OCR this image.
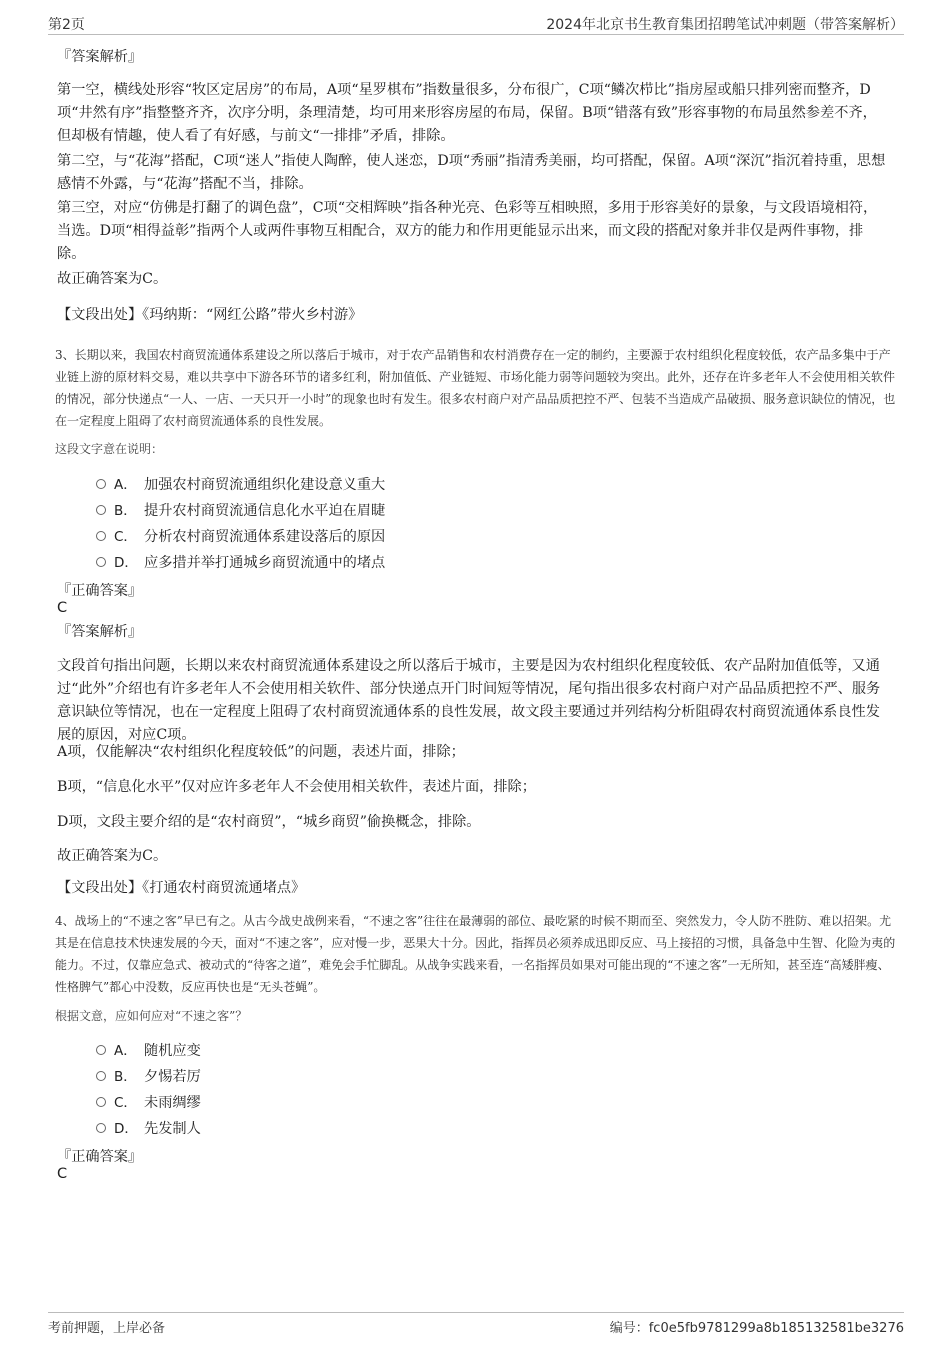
第2页	2024年北京书生教育集团招聘笔试冲刺题（带答案解析）
『答案解析』
第一空，横线处形容“牧区定居房”的布局，A项“星罗棋布”指数量很多，分布很广，C项“鳞次栉比”指房屋或船只排列密而整齐，D项“井然有序”指整整齐齐，次序分明，条理清楚，均可用来形容房屋的布局，保留。B项“错落有致”形容事物的布局虽然参差不齐，但却极有情趣，使人看了有好感，与前文“一排排”矛盾，排除。
第二空，与“花海”搭配，C项“迷人”指使人陶醉，使人迷恋，D项“秀丽”指清秀美丽，均可搭配，保留。A项“深沉”指沉着持重，思想感情不外露，与“花海”搭配不当，排除。
第三空，对应“仿佛是打翻了的调色盘”，C项“交相辉映”指各种光亮、色彩等互相映照，多用于形容美好的景象，与文段语境相符，当选。D项“相得益彰”指两个人或两件事物互相配合，双方的能力和作用更能显示出来，而文段的搭配对象并非仅是两件事物，排除。
故正确答案为C。
【文段出处】《玛纳斯：“网红公路”带火乡村游》
3、长期以来，我国农村商贸流通体系建设之所以落后于城市，对于农产品销售和农村消费存在一定的制约，主要源于农村组织化程度较低，农产品多集中于产业链上游的原材料交易，难以共享中下游各环节的诸多红利，附加值低、产业链短、市场化能力弱等问题较为突出。此外，还存在许多老年人不会使用相关软件的情况，部分快递点“一人、一店、一天只开一小时”的现象也时有发生。很多农村商户对产品品质把控不严、包装不当造成产品破损、服务意识缺位的情况，也在一定程度上阻碍了农村商贸流通体系的良性发展。
这段文字意在说明：
A． 加强农村商贸流通组织化建设意义重大
B． 提升农村商贸流通信息化水平迫在眉睫
C． 分析农村商贸流通体系建设落后的原因
D． 应多措并举打通城乡商贸流通中的堵点
『正确答案』
C
『答案解析』
文段首句指出问题，长期以来农村商贸流通体系建设之所以落后于城市，主要是因为农村组织化程度较低、农产品附加值低等，又通过“此外”介绍也有许多老年人不会使用相关软件、部分快递点开门时间短等情况，尾句指出很多农村商户对产品品质把控不严、服务意识缺位等情况，也在一定程度上阻碍了农村商贸流通体系的良性发展，故文段主要通过并列结构分析阻碍农村商贸流通体系良性发展的原因，对应C项。
A项，仅能解决“农村组织化程度较低”的问题，表述片面，排除；
B项，“信息化水平”仅对应许多老年人不会使用相关软件，表述片面，排除；
D项，文段主要介绍的是“农村商贸”，“城乡商贸”偷换概念，排除。
故正确答案为C。
【文段出处】《打通农村商贸流通堵点》
4、战场上的“不速之客”早已有之。从古今战史战例来看，“不速之客”往往在最薄弱的部位、最吃紧的时候不期而至、突然发力，令人防不胜防、难以招架。尤其是在信息技术快速发展的今天，面对“不速之客”，应对慢一步，恶果大十分。因此，指挥员必须养成迅即反应、马上接招的习惯，具备急中生智、化险为夷的能力。不过，仅靠应急式、被动式的“待客之道”，难免会手忙脚乱。从战争实践来看，一名指挥员如果对可能出现的“不速之客”一无所知，甚至连“高矮胖瘦、性格脾气”都心中没数，反应再快也是“无头苍蝇”。
根据文意，应如何应对“不速之客”？
A． 随机应变
B． 夕惕若厉
C． 未雨绸缪
D． 先发制人
『正确答案』
C
考前押题，上岸必备	编号：fc0e5fb9781299a8b185132581be3276
